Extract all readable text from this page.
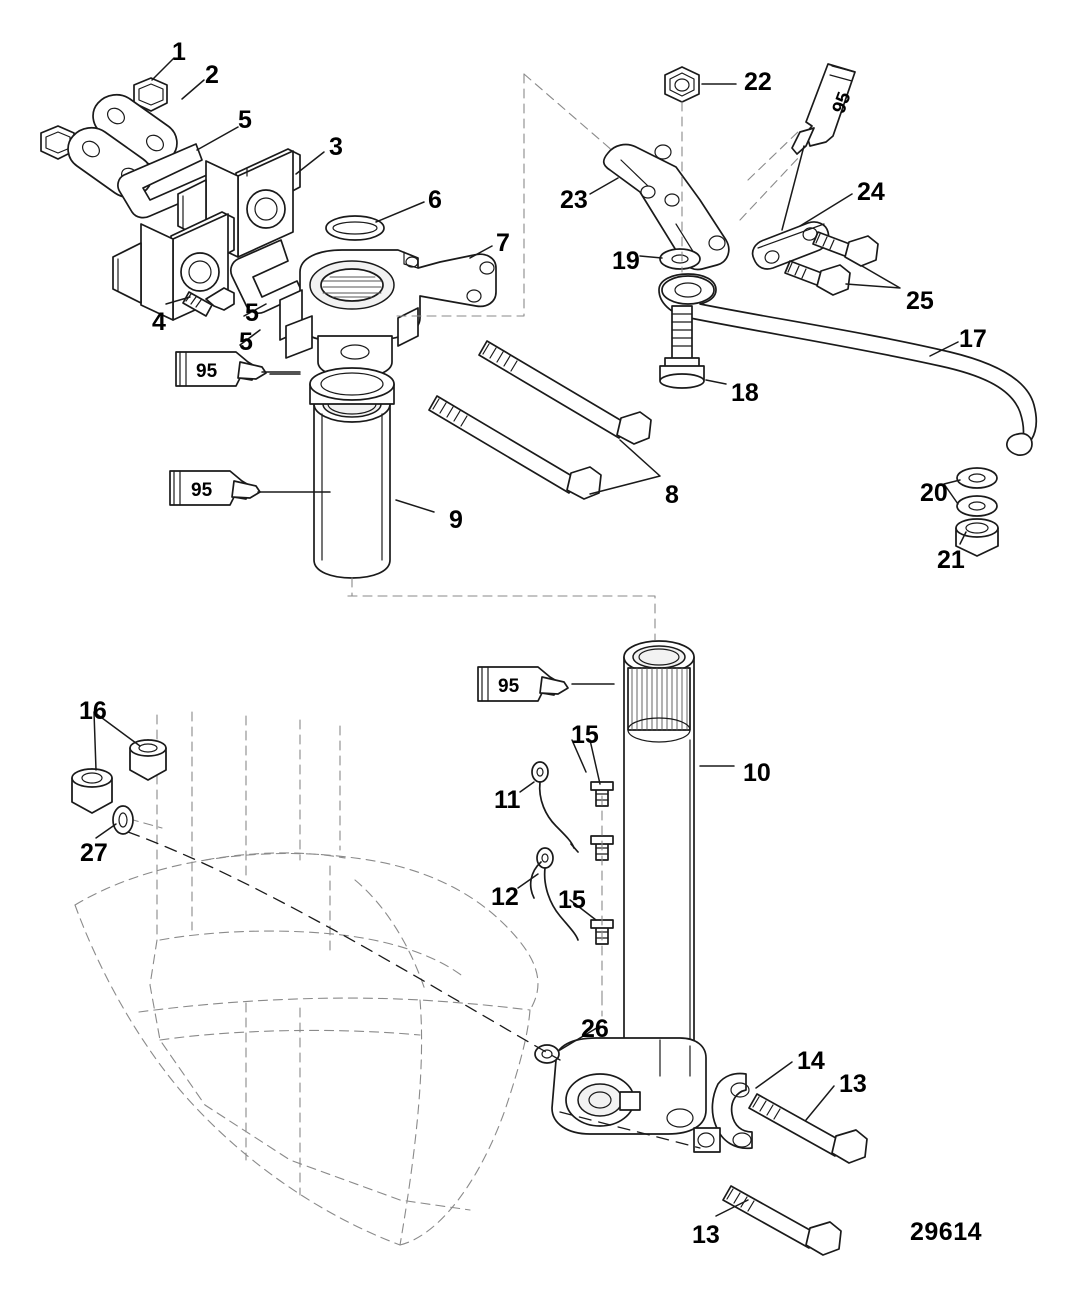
1
2
5
3
6
7
4	5
5
8
9
22
23	24
19
25
17
18
20
21
16
27
15
11
10
12 15
26
14
13
13
95
95
95
95
29614
